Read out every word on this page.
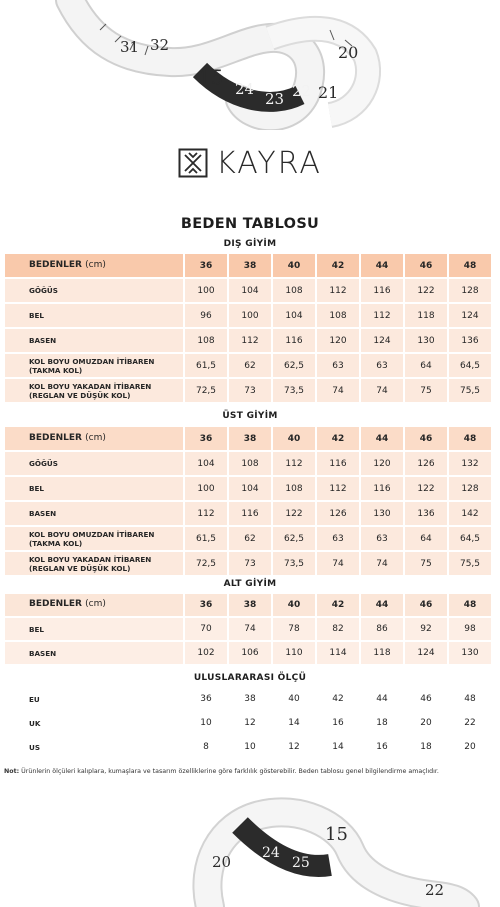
31 32
15
20
21
24
23 22
KAYRA
BEDEN TABLOSU
DIŞ GİYİM
BEDENLER (cm)	36	38	40	42	44	46	48
GÖĞÜS	100	104	108	112	116	122	128
BEL	96	100	104	108	112	118	124
BASEN	108	112	116	120	124	130	136
KOL BOYU OMUZDAN İTİBAREN
(TAKMA KOL)	61,5	62	62,5	63	63	64	64,5
KOL BOYU YAKADAN İTİBAREN
(REGLAN VE DÜŞÜK KOL)	72,5	73	73,5	74	74	75	75,5
ÜST GİYİM
BEDENLER (cm)	36	38	40	42	44	46	48
GÖĞÜS	104	108	112	116	120	126	132
BEL	100	104	108	112	116	122	128
BASEN	112	116	122	126	130	136	142
KOL BOYU OMUZDAN İTİBAREN
(TAKMA KOL)	61,5	62	62,5	63	63	64	64,5
KOL BOYU YAKADAN İTİBAREN
(REGLAN VE DÜŞÜK KOL)	72,5	73	73,5	74	74	75	75,5
ALT GİYİM
BEDENLER (cm)	36	38	40	42	44	46	48
BEL	70	74	78	82	86	92	98
BASEN	102	106	110	114	118	124	130
ULUSLARARASI ÖLÇÜ
EU	36	38	40	42	44	46	48
UK	10	12	14	16	18	20	22
US	8	10	12	14	16	18	20
Not: Ürünlerin ölçüleri kalıplara, kumaşlara ve tasarım özelliklerine göre farklılık gösterebilir. Beden tablosu genel bilgilendirme amaçlıdır.
20
15
22
24
25
